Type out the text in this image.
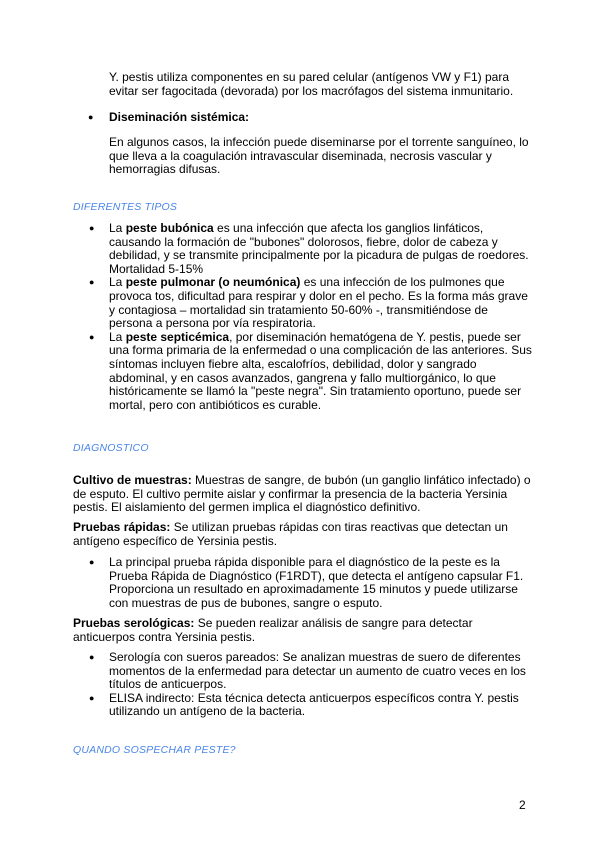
Y. pestis utiliza componentes en su pared celular (antígenos VW y F1) para evitar ser fagocitada (devorada) por los macrófagos del sistema inmunitario.

● Diseminación sistémica:

En algunos casos, la infección puede diseminarse por el torrente sanguíneo, lo que lleva a la coagulación intravascular diseminada, necrosis vascular y hemorragias difusas.

DIFERENTES TIPOS
● La peste bubónica es una infección que afecta los ganglios linfáticos, causando la formación de "bubones" dolorosos, fiebre, dolor de cabeza y debilidad, y se transmite principalmente por la picadura de pulgas de roedores. Mortalidad 5-15%

● La peste pulmonar (o neumónica) es una infección de los pulmones que provoca tos, dificultad para respirar y dolor en el pecho. Es la forma más grave y contagiosa – mortalidad sin tratamiento 50-60% -, transmitiéndose de persona a persona por vía respiratoria.

● La peste septicémica, por diseminación hematógena de Y. pestis, puede ser una forma primaria de la enfermedad o una complicación de las anteriores. Sus síntomas incluyen fiebre alta, escalofríos, debilidad, dolor y sangrado abdominal, y en casos avanzados, gangrena y fallo multiorgánico, lo que históricamente se llamó la "peste negra". Sin tratamiento oportuno, puede ser mortal, pero con antibióticos es curable.

DIAGNOSTICO

Cultivo de muestras: Muestras de sangre, de bubón (un ganglio linfático infectado) o de esputo. El cultivo permite aislar y confirmar la presencia de la bacteria Yersinia pestis. El aislamiento del germen implica el diagnóstico definitivo.

Pruebas rápidas: Se utilizan pruebas rápidas con tiras reactivas que detectan un antígeno específico de Yersinia pestis.

● La principal prueba rápida disponible para el diagnóstico de la peste es la Prueba Rápida de Diagnóstico (F1RDT), que detecta el antígeno capsular F1. Proporciona un resultado en aproximadamente 15 minutos y puede utilizarse con muestras de pus de bubones, sangre o esputo.

Pruebas serológicas: Se pueden realizar análisis de sangre para detectar anticuerpos contra Yersinia pestis.

● Serología con sueros pareados: Se analizan muestras de suero de diferentes momentos de la enfermedad para detectar un aumento de cuatro veces en los títulos de anticuerpos.

● ELISA indirecto: Esta técnica detecta anticuerpos específicos contra Y. pestis utilizando un antígeno de la bacteria.

QUANDO SOSPECHAR PESTE?
2
